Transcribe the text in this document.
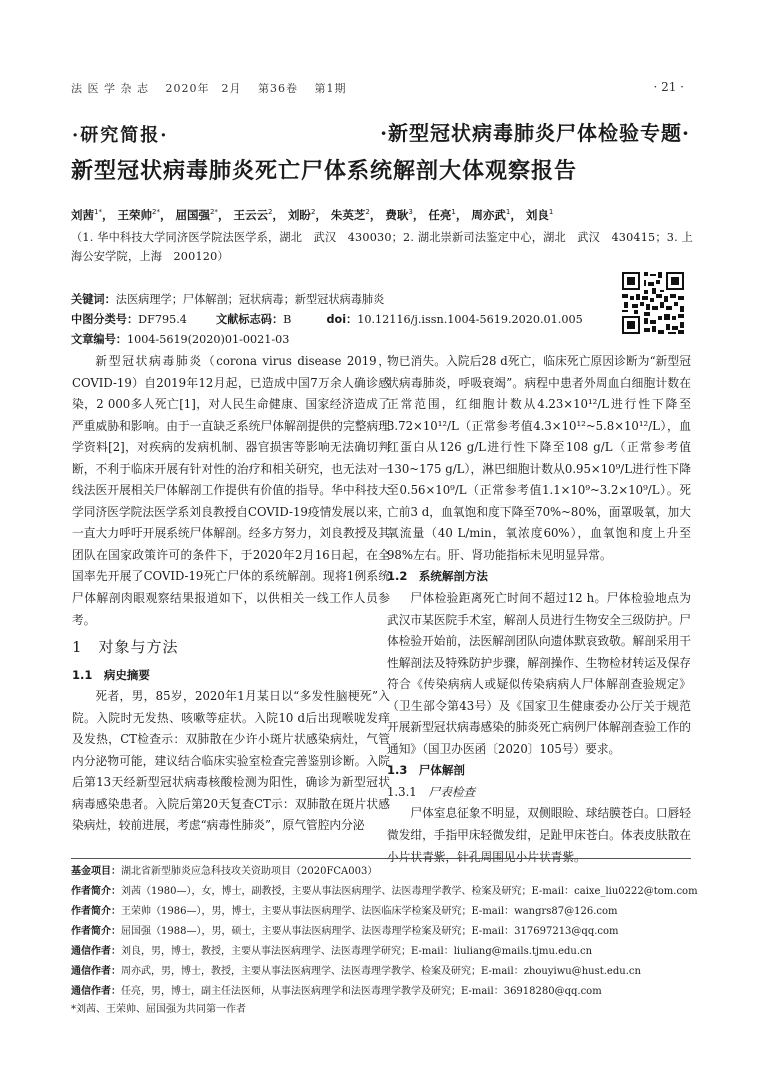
法 医 学 杂 志　 2020年　2月　 第36卷　 第1期	· 21 ·
·研究简报·	·新型冠状病毒肺炎尸体检验专题·
新型冠状病毒肺炎死亡尸体系统解剖大体观察报告
刘茜$^{1*}$， 王荣帅$^{2*}$， 屈国强$^{2*}$， 王云云$^2$， 刘盼$^2$， 朱英芝$^2$， 费耿$^3$， 任亮$^1$， 周亦武$^1$， 刘良$^1$
（1. 华中科技大学同济医学院法医学系，湖北　武汉　430030；2. 湖北崇新司法鉴定中心，湖北　武汉　430415；3. 上海公安学院，上海　200120）
关键词：法医病理学；尸体解剖；冠状病毒；新型冠状病毒肺炎
中图分类号：DF795.4	文献标志码：B	doi：10.12116/j.issn.1004-5619.2020.01.005
文章编号：1004-5619(2020)01-0021-03

新型冠状病毒肺炎（corona virus disease 2019，COVID-19）自2019年12月起，已造成中国7万余人确诊感染，2 000多人死亡[1]，对人民生命健康、国家经济造成了严重威胁和影响。由于一直缺乏系统尸体解剖提供的完整病理学资料[2]，对疾病的发病机制、器官损害等影响无法确切判断，不利于临床开展有针对性的治疗和相关研究，也无法对一线法医开展相关尸体解剖工作提供有价值的指导。华中科技大学同济医学院法医学系刘良教授自COVID-19疫情发展以来，一直大力呼吁开展系统尸体解剖。经多方努力，刘良教授及其团队在国家政策许可的条件下，于2020年2月16日起，在全国率先开展了COVID-19死亡尸体的系统解剖。现将1例系统尸体解剖肉眼观察结果报道如下，以供相关一线工作人员参考。

1　对象与方法

1.1　病史摘要

死者，男，85岁，2020年1月某日以“多发性脑梗死”入院。入院时无发热、咳嗽等症状。入院10 d后出现喉咙发痒及发热，CT检查示：双肺散在少许小斑片状感染病灶，气管内分泌物可能，建议结合临床实验室检查完善鉴别诊断。入院后第13天经新型冠状病毒核酸检测为阳性，确诊为新型冠状病毒感染患者。入院后第20天复查CT示：双肺散在斑片状感染病灶，较前进展，考虑“病毒性肺炎”，原气管腔内分泌

物已消失。入院后28 d死亡，临床死亡原因诊断为“新型冠状病毒肺炎，呼吸衰竭”。病程中患者外周血白细胞计数在正常范围，红细胞计数从4.23×10¹²/L进行性下降至3.72×10¹²/L（正常参考值4.3×10¹²~5.8×10¹²/L），血红蛋白从126 g/L进行性下降至108 g/L（正常参考值130~175 g/L），淋巴细胞计数从0.95×10⁹/L进行性下降至0.56×10⁹/L（正常参考值1.1×10⁹~3.2×10⁹/L）。死亡前3 d，血氧饱和度下降至70%~80%，面罩吸氧，加大氧流量（40 L/min，氧浓度60%），血氧饱和度上升至98%左右。肝、肾功能指标未见明显异常。

1.2　系统解剖方法

尸体检验距离死亡时间不超过12 h。尸体检验地点为武汉市某医院手术室，解剖人员进行生物安全三级防护。尸体检验开始前，法医解剖团队向遗体默哀致敬。解剖采用干性解剖法及特殊防护步骤，解剖操作、生物检材转运及保存符合《传染病病人或疑似传染病病人尸体解剖查验规定》（卫生部令第43号）及《国家卫生健康委办公厅关于规范开展新型冠状病毒感染的肺炎死亡病例尸体解剖查验工作的通知》（国卫办医函〔2020〕105号）要求。

1.3　尸体解剖

1.3.1　 尸表检查

尸体室息征象不明显，双侧眼睑、球结膜苍白。口唇轻微发绀，手指甲床轻微发绀，足趾甲床苍白。体表皮肤散在小片状青紫，针孔周围见小片状青紫。

基金项目：湖北省新型肺炎应急科技攻关资助项目（2020FCA003）
作者简介：刘茜（1980—），女，博士，副教授，主要从事法医病理学、法医毒理学教学、检案及研究；E-mail：caixe_liu0222@tom.com
作者简介：王荣帅（1986—），男，博士，主要从事法医病理学、法医临床学检案及研究；E-mail：wangrs87@126.com
作者简介：屈国强（1988—），男，硕士，主要从事法医病理学、法医毒理学检案及研究；E-mail：317697213@qq.com
通信作者：刘良，男，博士，教授，主要从事法医病理学、法医毒理学研究；E-mail：liuliang@mails.tjmu.edu.cn
通信作者：周亦武，男，博士，教授，主要从事法医病理学、法医毒理学教学、检案及研究；E-mail：zhouyiwu@hust.edu.cn
通信作者：任亮，男，博士，副主任法医师，从事法医病理学和法医毒理学教学及研究；E-mail：36918280@qq.com
*刘茜、王荣帅、屈国强为共同第一作者
